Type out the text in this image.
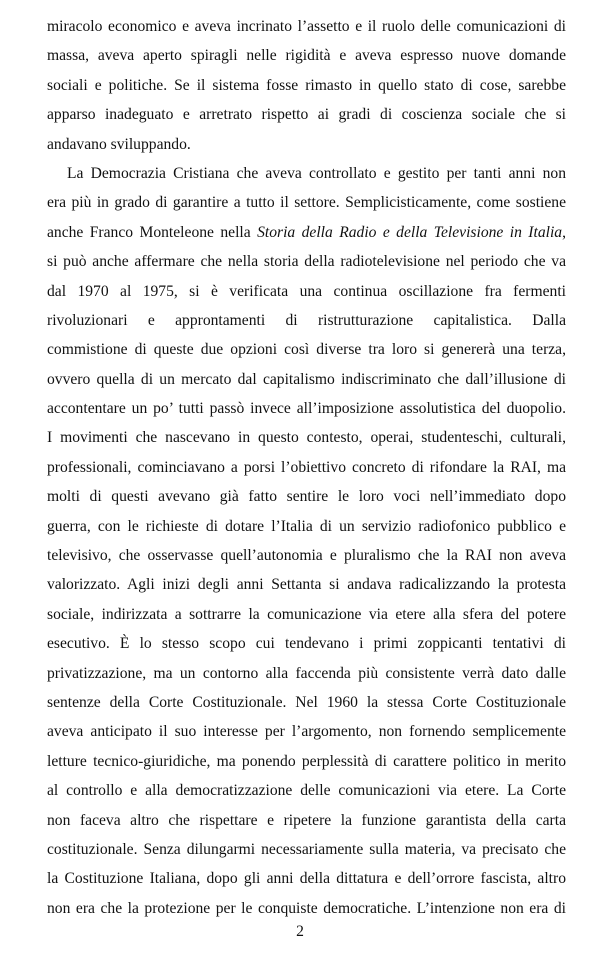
miracolo economico e aveva incrinato l’assetto e il ruolo delle comunicazioni di
massa, aveva aperto spiragli nelle rigidità e aveva espresso nuove domande
sociali e politiche. Se il sistema fosse rimasto in quello stato di cose, sarebbe
apparso inadeguato e arretrato rispetto ai gradi di coscienza sociale che si
andavano sviluppando.
La Democrazia Cristiana che aveva controllato e gestito per tanti anni non
era più in grado di garantire a tutto il settore. Semplicisticamente, come sostiene
anche Franco Monteleone nella Storia della Radio e della Televisione in Italia,
si può anche affermare che nella storia della radiotelevisione nel periodo che va
dal 1970 al 1975, si è verificata una continua oscillazione fra fermenti
rivoluzionari e approntamenti di ristrutturazione capitalistica. Dalla
commistione di queste due opzioni così diverse tra loro si genererà una terza,
ovvero quella di un mercato dal capitalismo indiscriminato che dall’illusione di
accontentare un po’ tutti passò invece all’imposizione assolutistica del duopolio.
I movimenti che nascevano in questo contesto, operai, studenteschi, culturali,
professionali, cominciavano a porsi l’obiettivo concreto di rifondare la RAI, ma
molti di questi avevano già fatto sentire le loro voci nell’immediato dopo
guerra, con le richieste di dotare l’Italia di un servizio radiofonico pubblico e
televisivo, che osservasse quell’autonomia e pluralismo che la RAI non aveva
valorizzato. Agli inizi degli anni Settanta si andava radicalizzando la protesta
sociale, indirizzata a sottrarre la comunicazione via etere alla sfera del potere
esecutivo. È lo stesso scopo cui tendevano i primi zoppicanti tentativi di
privatizzazione, ma un contorno alla faccenda più consistente verrà dato dalle
sentenze della Corte Costituzionale. Nel 1960 la stessa Corte Costituzionale
aveva anticipato il suo interesse per l’argomento, non fornendo semplicemente
letture tecnico-giuridiche, ma ponendo perplessità di carattere politico in merito
al controllo e alla democratizzazione delle comunicazioni via etere. La Corte
non faceva altro che rispettare e ripetere la funzione garantista della carta
costituzionale. Senza dilungarmi necessariamente sulla materia, va precisato che
la Costituzione Italiana, dopo gli anni della dittatura e dell’orrore fascista, altro
non era che la protezione per le conquiste democratiche. L’intenzione non era di
2
